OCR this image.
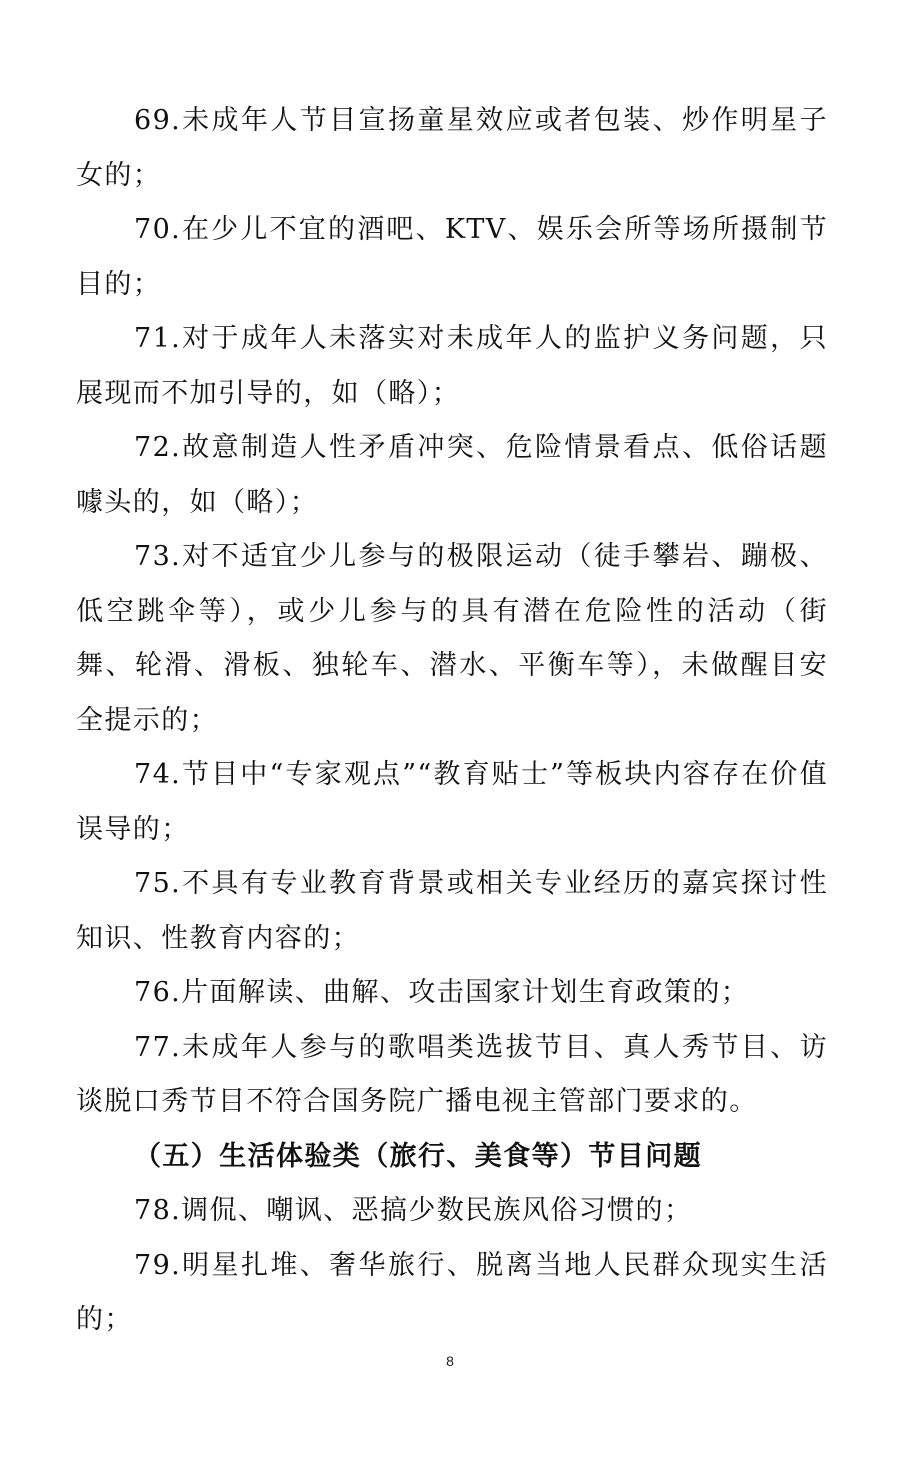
69.未成年人节目宣扬童星效应或者包装、炒作明星子女的；

70.在少儿不宜的酒吧、KTV、娱乐会所等场所摄制节目的；

71.对于成年人未落实对未成年人的监护义务问题，只展现而不加引导的，如（略）；

72.故意制造人性矛盾冲突、危险情景看点、低俗话题噱头的，如（略）；

73.对不适宜少儿参与的极限运动（徒手攀岩、蹦极、低空跳伞等），或少儿参与的具有潜在危险性的活动（街舞、轮滑、滑板、独轮车、潜水、平衡车等），未做醒目安全提示的；

74.节目中“专家观点”“教育贴士”等板块内容存在价值误导的；

75.不具有专业教育背景或相关专业经历的嘉宾探讨性知识、性教育内容的；

76.片面解读、曲解、攻击国家计划生育政策的；

77.未成年人参与的歌唱类选拔节目、真人秀节目、访谈脱口秀节目不符合国务院广播电视主管部门要求的。

（五）生活体验类（旅行、美食等）节目问题

78.调侃、嘲讽、恶搞少数民族风俗习惯的；

79.明星扎堆、奢华旅行、脱离当地人民群众现实生活的；

8
